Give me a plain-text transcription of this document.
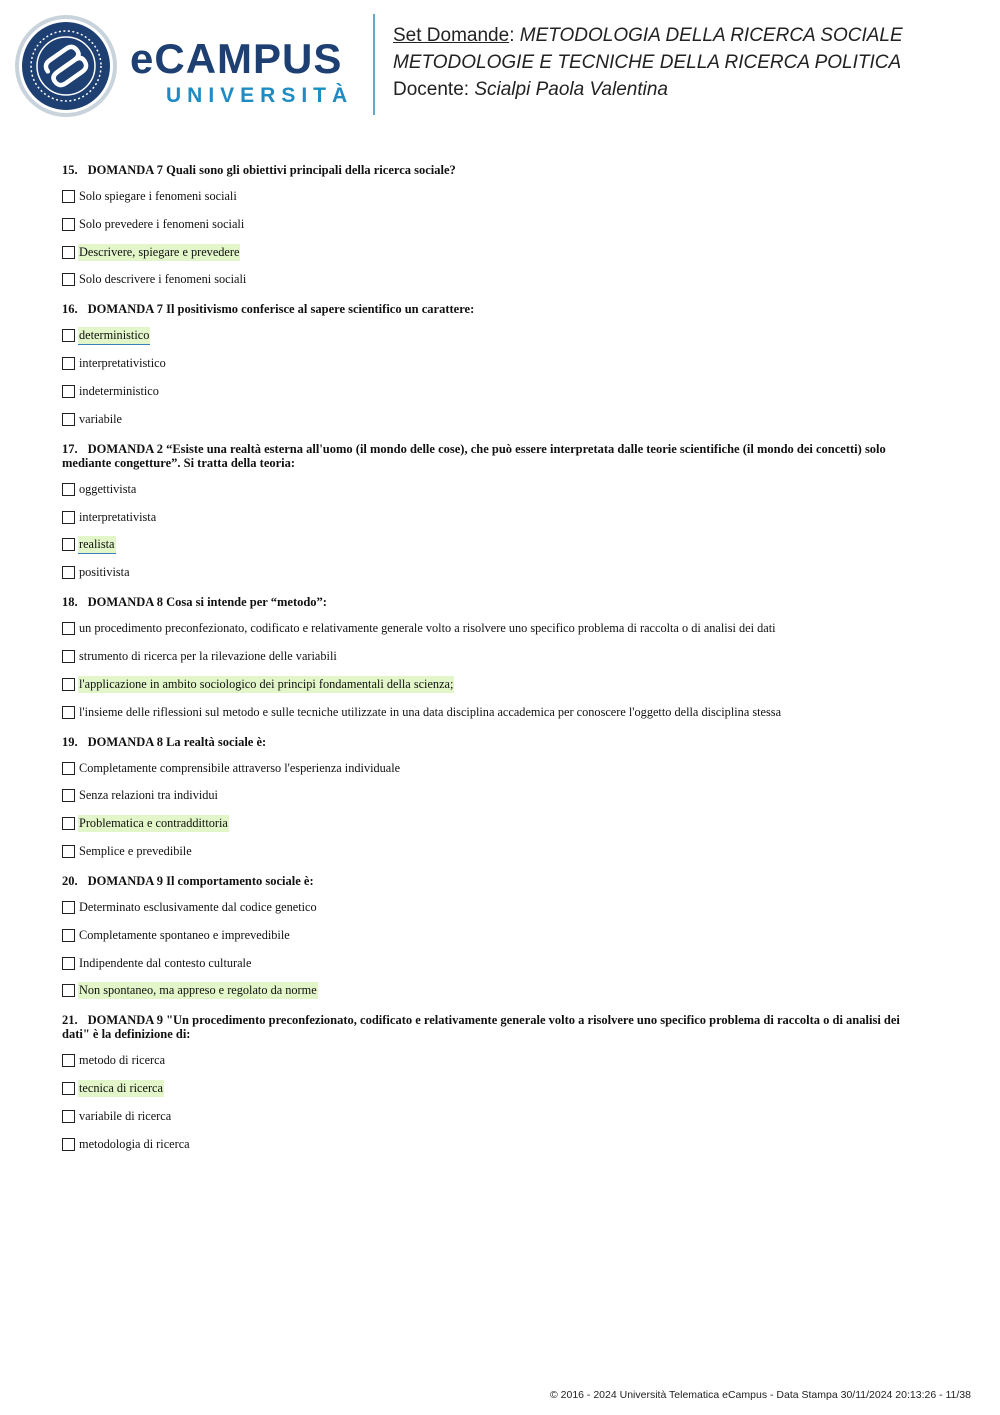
eCAMPUS
UNIVERSITÀ
Set Domande: METODOLOGIA DELLA RICERCA SOCIALE
METODOLOGIE E TECNICHE DELLA RICERCA POLITICA
Docente: Scialpi Paola Valentina
15. DOMANDA 7 Quali sono gli obiettivi principali della ricerca sociale?
Solo spiegare i fenomeni sociali
Solo prevedere i fenomeni sociali
Descrivere, spiegare e prevedere
Solo descrivere i fenomeni sociali
16. DOMANDA 7 Il positivismo conferisce al sapere scientifico un carattere:
deterministico
interpretativistico
indeterministico
variabile
17. DOMANDA 2 “Esiste una realtà esterna all'uomo (il mondo delle cose), che può essere interpretata dalle teorie scientifiche (il mondo dei concetti) solo mediante congetture”. Si tratta della teoria:
oggettivista
interpretativista
realista
positivista
18. DOMANDA 8 Cosa si intende per “metodo”:
un procedimento preconfezionato, codificato e relativamente generale volto a risolvere uno specifico problema di raccolta o di analisi dei dati
strumento di ricerca per la rilevazione delle variabili
l'applicazione in ambito sociologico dei principi fondamentali della scienza;
l'insieme delle riflessioni sul metodo e sulle tecniche utilizzate in una data disciplina accademica per conoscere l'oggetto della disciplina stessa
19. DOMANDA 8 La realtà sociale è:
Completamente comprensibile attraverso l'esperienza individuale
Senza relazioni tra individui
Problematica e contraddittoria
Semplice e prevedibile
20. DOMANDA 9 Il comportamento sociale è:
Determinato esclusivamente dal codice genetico
Completamente spontaneo e imprevedibile
Indipendente dal contesto culturale
Non spontaneo, ma appreso e regolato da norme
21. DOMANDA 9 "Un procedimento preconfezionato, codificato e relativamente generale volto a risolvere uno specifico problema di raccolta o di analisi dei dati" è la definizione di:
metodo di ricerca
tecnica di ricerca
variabile di ricerca
metodologia di ricerca
© 2016 - 2024 Università Telematica eCampus - Data Stampa 30/11/2024 20:13:26 - 11/38
